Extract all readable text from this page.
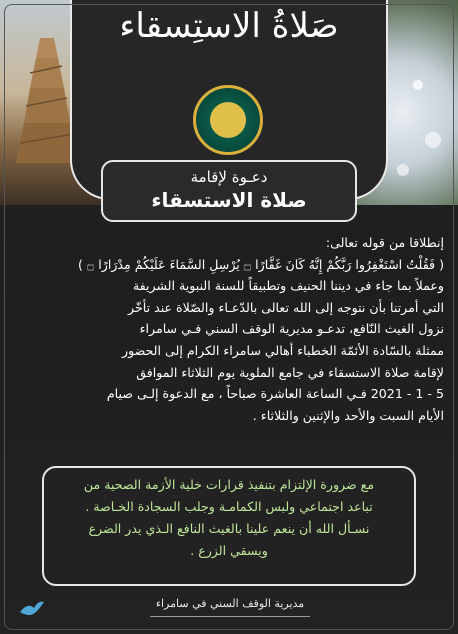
صَلاةُ الاستِسقاء
دعـوة لإقامة
صلاة الاستسقاء

إنطلاقا من قوله تعالى:

( فَقُلْتُ اسْتَغْفِرُوا رَبَّكُمْ إِنَّهُ كَانَ غَفَّارًا ۝ يُرْسِلِ السَّمَاءَ عَلَيْكُمْ مِدْرَارًا ۝ )

وعملاً بما جاء في ديننا الحنيف وتطبيقاً للسنة النبوية الشريفة

التي أمرتنا بأن نتوجه إلى الله تعالى بالدّعـاء والصّلاة عند تأخّر

نزول الغيث النّافع، تدعـو مديرية الوقف السني فـي سامراء

ممثلة بالسّادة الأئمّة الخطباء أهالي سامراء الكرام إلى الحضور

لإقامة صلاة الاستسقاء في جامع الملوية يوم الثلاثاء الموافق

5 - 1 - 2021 فـي الساعة العاشرة صباحاً ، مع الدعوة إلـى صيام

الأيام السبت والأحد والإثنين والثلاثاء .

مع ضرورة الإلتزام بتنفيذ قرارات خلية الأزمة الصحية من

تباعد اجتماعي ولبس الكمامـة وجلب السجادة الخـاصة .

نسـأل الله أن ينعم علينا بالغيث النافع الـذي يدر الضرع

ويسقي الزرع .

مديرية الوقف السني في سامراء
